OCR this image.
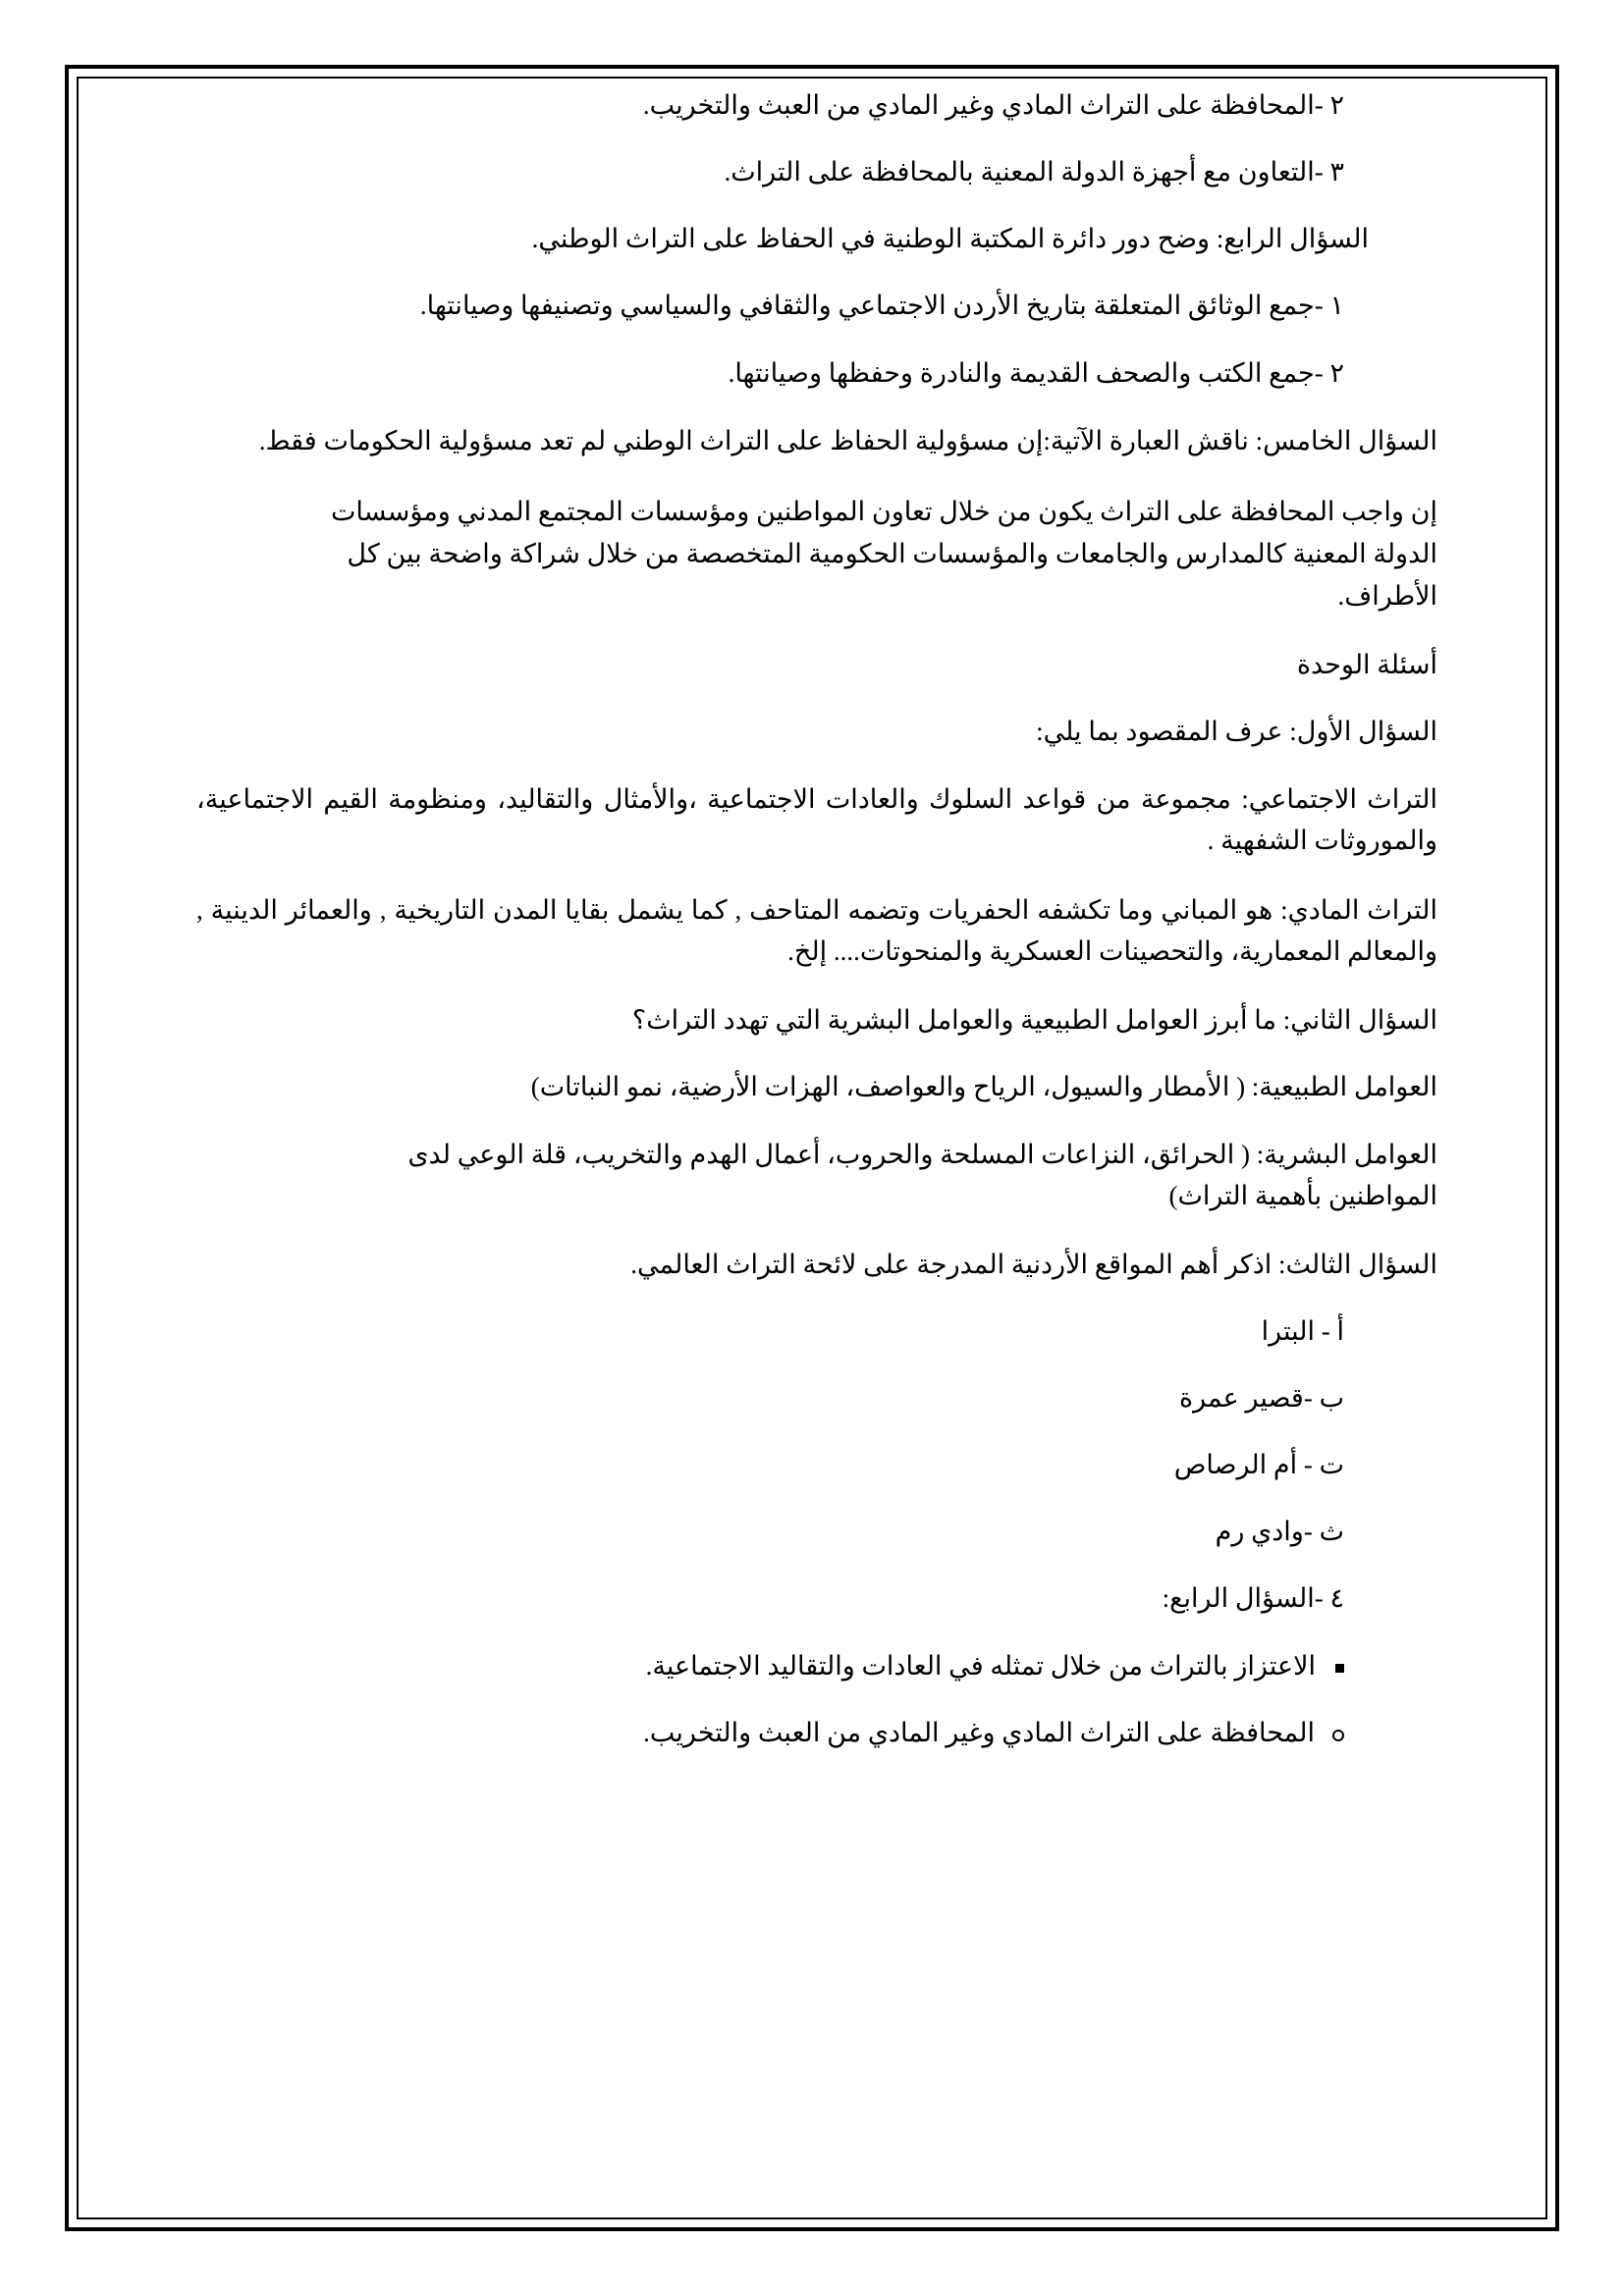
٢ -المحافظة على التراث المادي وغير المادي من العبث والتخريب.

٣ -التعاون مع أجهزة الدولة المعنية بالمحافظة على التراث.

السؤال الرابع: وضح دور دائرة المكتبة الوطنية في الحفاظ على التراث الوطني.

١ -جمع الوثائق المتعلقة بتاريخ الأردن الاجتماعي والثقافي والسياسي وتصنيفها وصيانتها.

٢ -جمع الكتب والصحف القديمة والنادرة وحفظها وصيانتها.

السؤال الخامس: ناقش العبارة الآتية:إن مسؤولية الحفاظ على التراث الوطني لم تعد مسؤولية الحكومات فقط.

إن واجب المحافظة على التراث يكون من خلال تعاون المواطنين ومؤسسات المجتمع المدني ومؤسسات الدولة المعنية كالمدارس والجامعات والمؤسسات الحكومية المتخصصة من خلال شراكة واضحة بين كل الأطراف.

أسئلة الوحدة

السؤال الأول: عرف المقصود بما يلي:

التراث الاجتماعي: مجموعة من قواعد السلوك والعادات الاجتماعية ،والأمثال والتقاليد، ومنظومة القيم الاجتماعية، والموروثات الشفهية .

التراث المادي: هو المباني وما تكشفه الحفريات وتضمه المتاحف , كما يشمل بقايا المدن التاريخية , والعمائر الدينية , والمعالم المعمارية، والتحصينات العسكرية والمنحوتات.... إلخ.

السؤال الثاني: ما أبرز العوامل الطبيعية والعوامل البشرية التي تهدد التراث؟

العوامل الطبيعية: ( الأمطار والسيول، الرياح والعواصف، الهزات الأرضية، نمو النباتات)

العوامل البشرية: ( الحرائق، النزاعات المسلحة والحروب، أعمال الهدم والتخريب، قلة الوعي لدى المواطنين بأهمية التراث)

السؤال الثالث: اذكر أهم المواقع الأردنية المدرجة على لائحة التراث العالمي.

أ - البترا

ب -قصير عمرة

ت - أم الرصاص

ث -وادي رم

٤ -السؤال الرابع:

الاعتزاز بالتراث من خلال تمثله في العادات والتقاليد الاجتماعية.

المحافظة على التراث المادي وغير المادي من العبث والتخريب.
